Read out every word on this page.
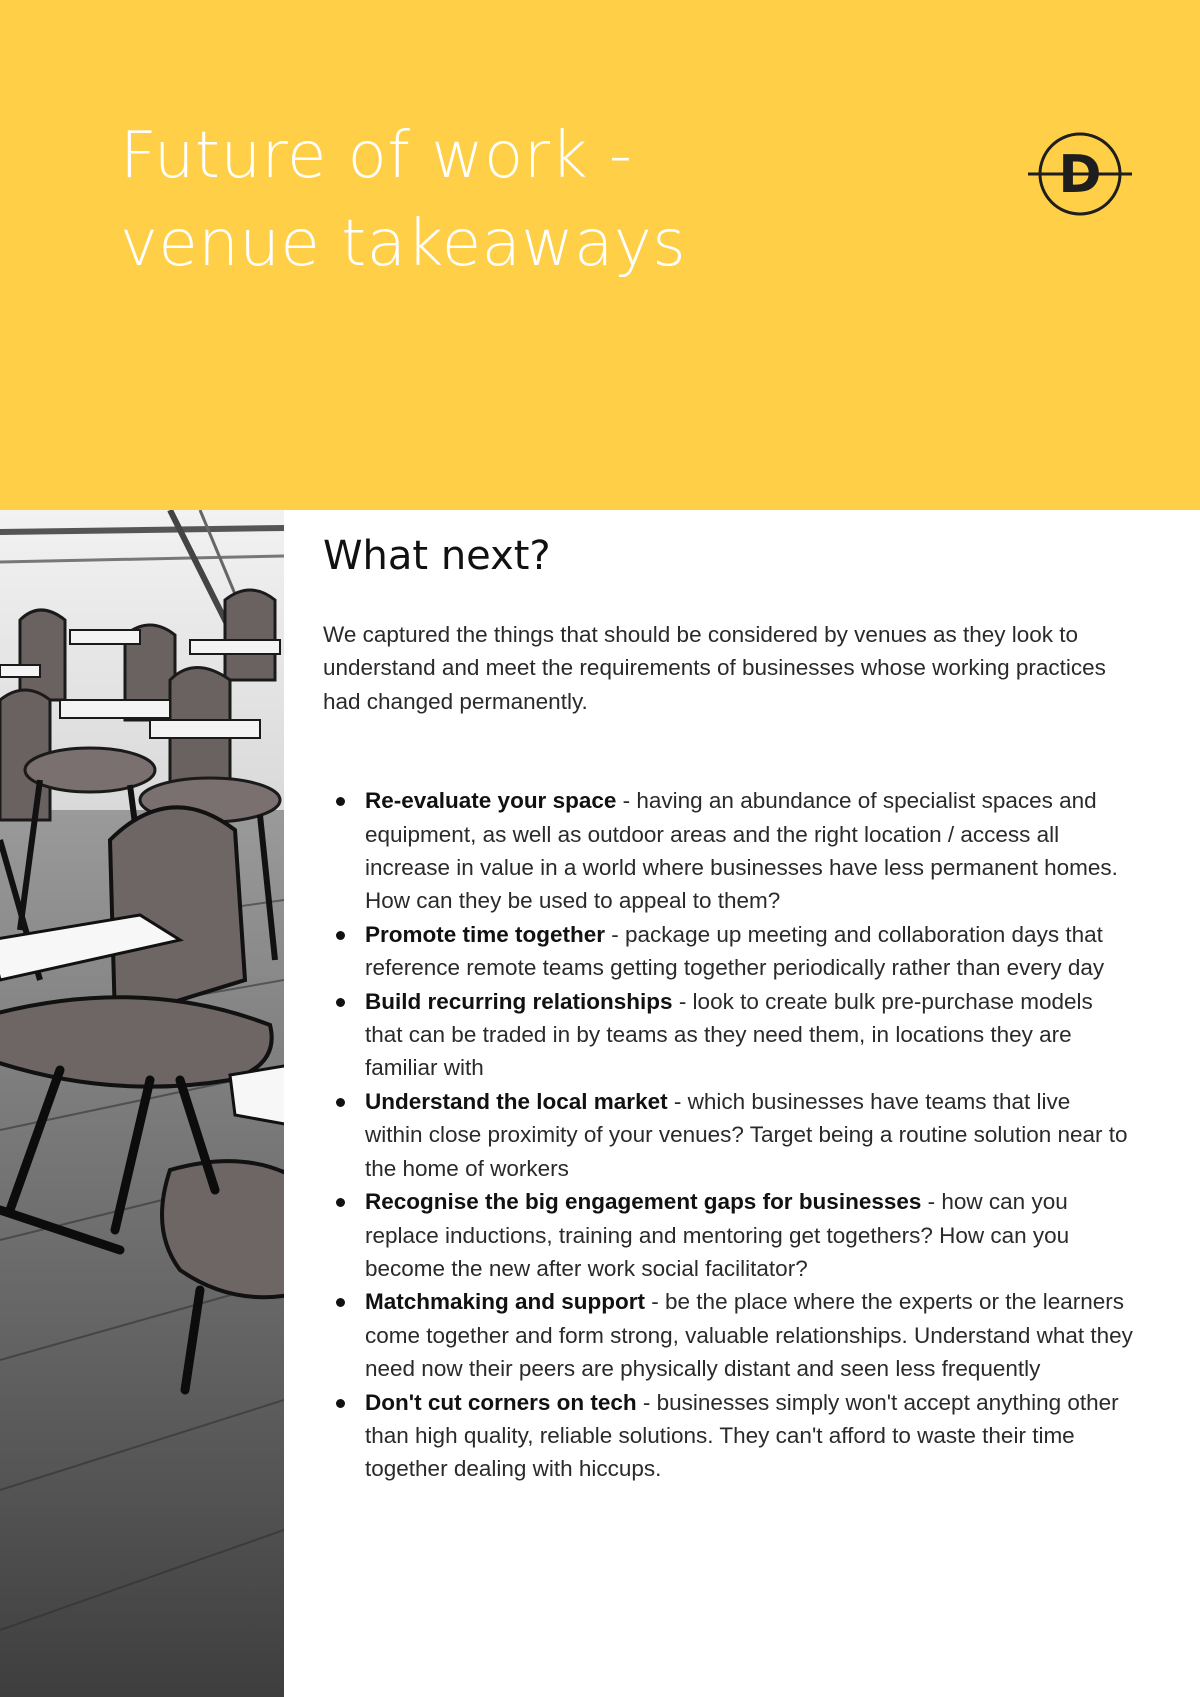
Future of work -
venue takeaways
D
What next?

We captured the things that should be considered by venues as they look to understand and meet the requirements of businesses whose working practices had changed permanently.

Re-evaluate your space - having an abundance of specialist spaces and equipment, as well as outdoor areas and the right location / access all increase in value in a world where businesses have less permanent homes. How can they be used to appeal to them?
Promote time together - package up meeting and collaboration days that reference remote teams getting together periodically rather than every day
Build recurring relationships - look to create bulk pre-purchase models that can be traded in by teams as they need them, in locations they are familiar with
Understand the local market - which businesses have teams that live within close proximity of your venues? Target being a routine solution near to the home of workers
Recognise the big engagement gaps for businesses - how can you replace inductions, training and mentoring get togethers? How can you become the new after work social facilitator?
Matchmaking and support - be the place where the experts or the learners come together and form strong, valuable relationships. Understand what they need now their peers are physically distant and seen less frequently
Don't cut corners on tech - businesses simply won't accept anything other than high quality, reliable solutions. They can't afford to waste their time together dealing with hiccups.
